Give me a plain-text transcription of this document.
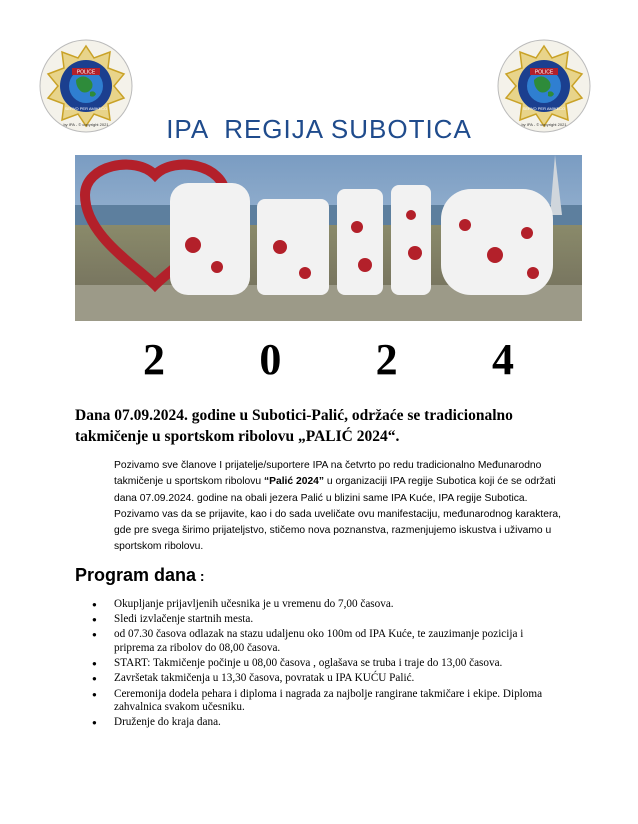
POLICE
by IPA - © copyright 2021
SERVO PER AMIKECO
POLICE
by IPA - © copyright 2021
SERVO PER AMIKECO
IPA REGIJA SUBOTICA
PALIĆ
2 0 2 4
Dana 07.09.2024. godine u Subotici-Palić, održaće se tradicionalno
takmičenje u sportskom ribolovu „PALIĆ 2024“.
Pozivamo sve članove I prijatelje/suportere IPA na četvrto po redu tradicionalno Međunarodno takmičenje u sportskom ribolovu “Palić 2024” u organizaciji IPA regije Subotica koji će se održati dana 07.09.2024. godine na obali jezera Palić u blizini same IPA Kuće, IPA regije Subotica. Pozivamo vas da se prijavite, kao i do sada uveličate ovu manifestaciju, međunarodnog karaktera, gde pre svega širimo prijateljstvo, stičemo nova poznanstva, razmenjujemo iskustva i uživamo u sportskom ribolovu.
Program dana :
● Okupljanje prijavljenih učesnika je u vremenu do 7,00 časova.
● Sledi izvlačenje startnih mesta.
● od 07.30 časova odlazak na stazu udaljenu oko 100m od IPA Kuće, te zauzimanje pozicija i priprema za ribolov do 08,00 časova.
● START: Takmičenje počinje u 08,00 časova , oglašava se truba i traje do 13,00 časova.
● Završetak takmičenja u 13,30 časova, povratak u IPA KUĆU Palić.
● Ceremonija dodela pehara i diploma i nagrada za najbolje rangirane takmičare i ekipe. Diploma zahvalnica svakom učesniku.
● Druženje do kraja dana.
